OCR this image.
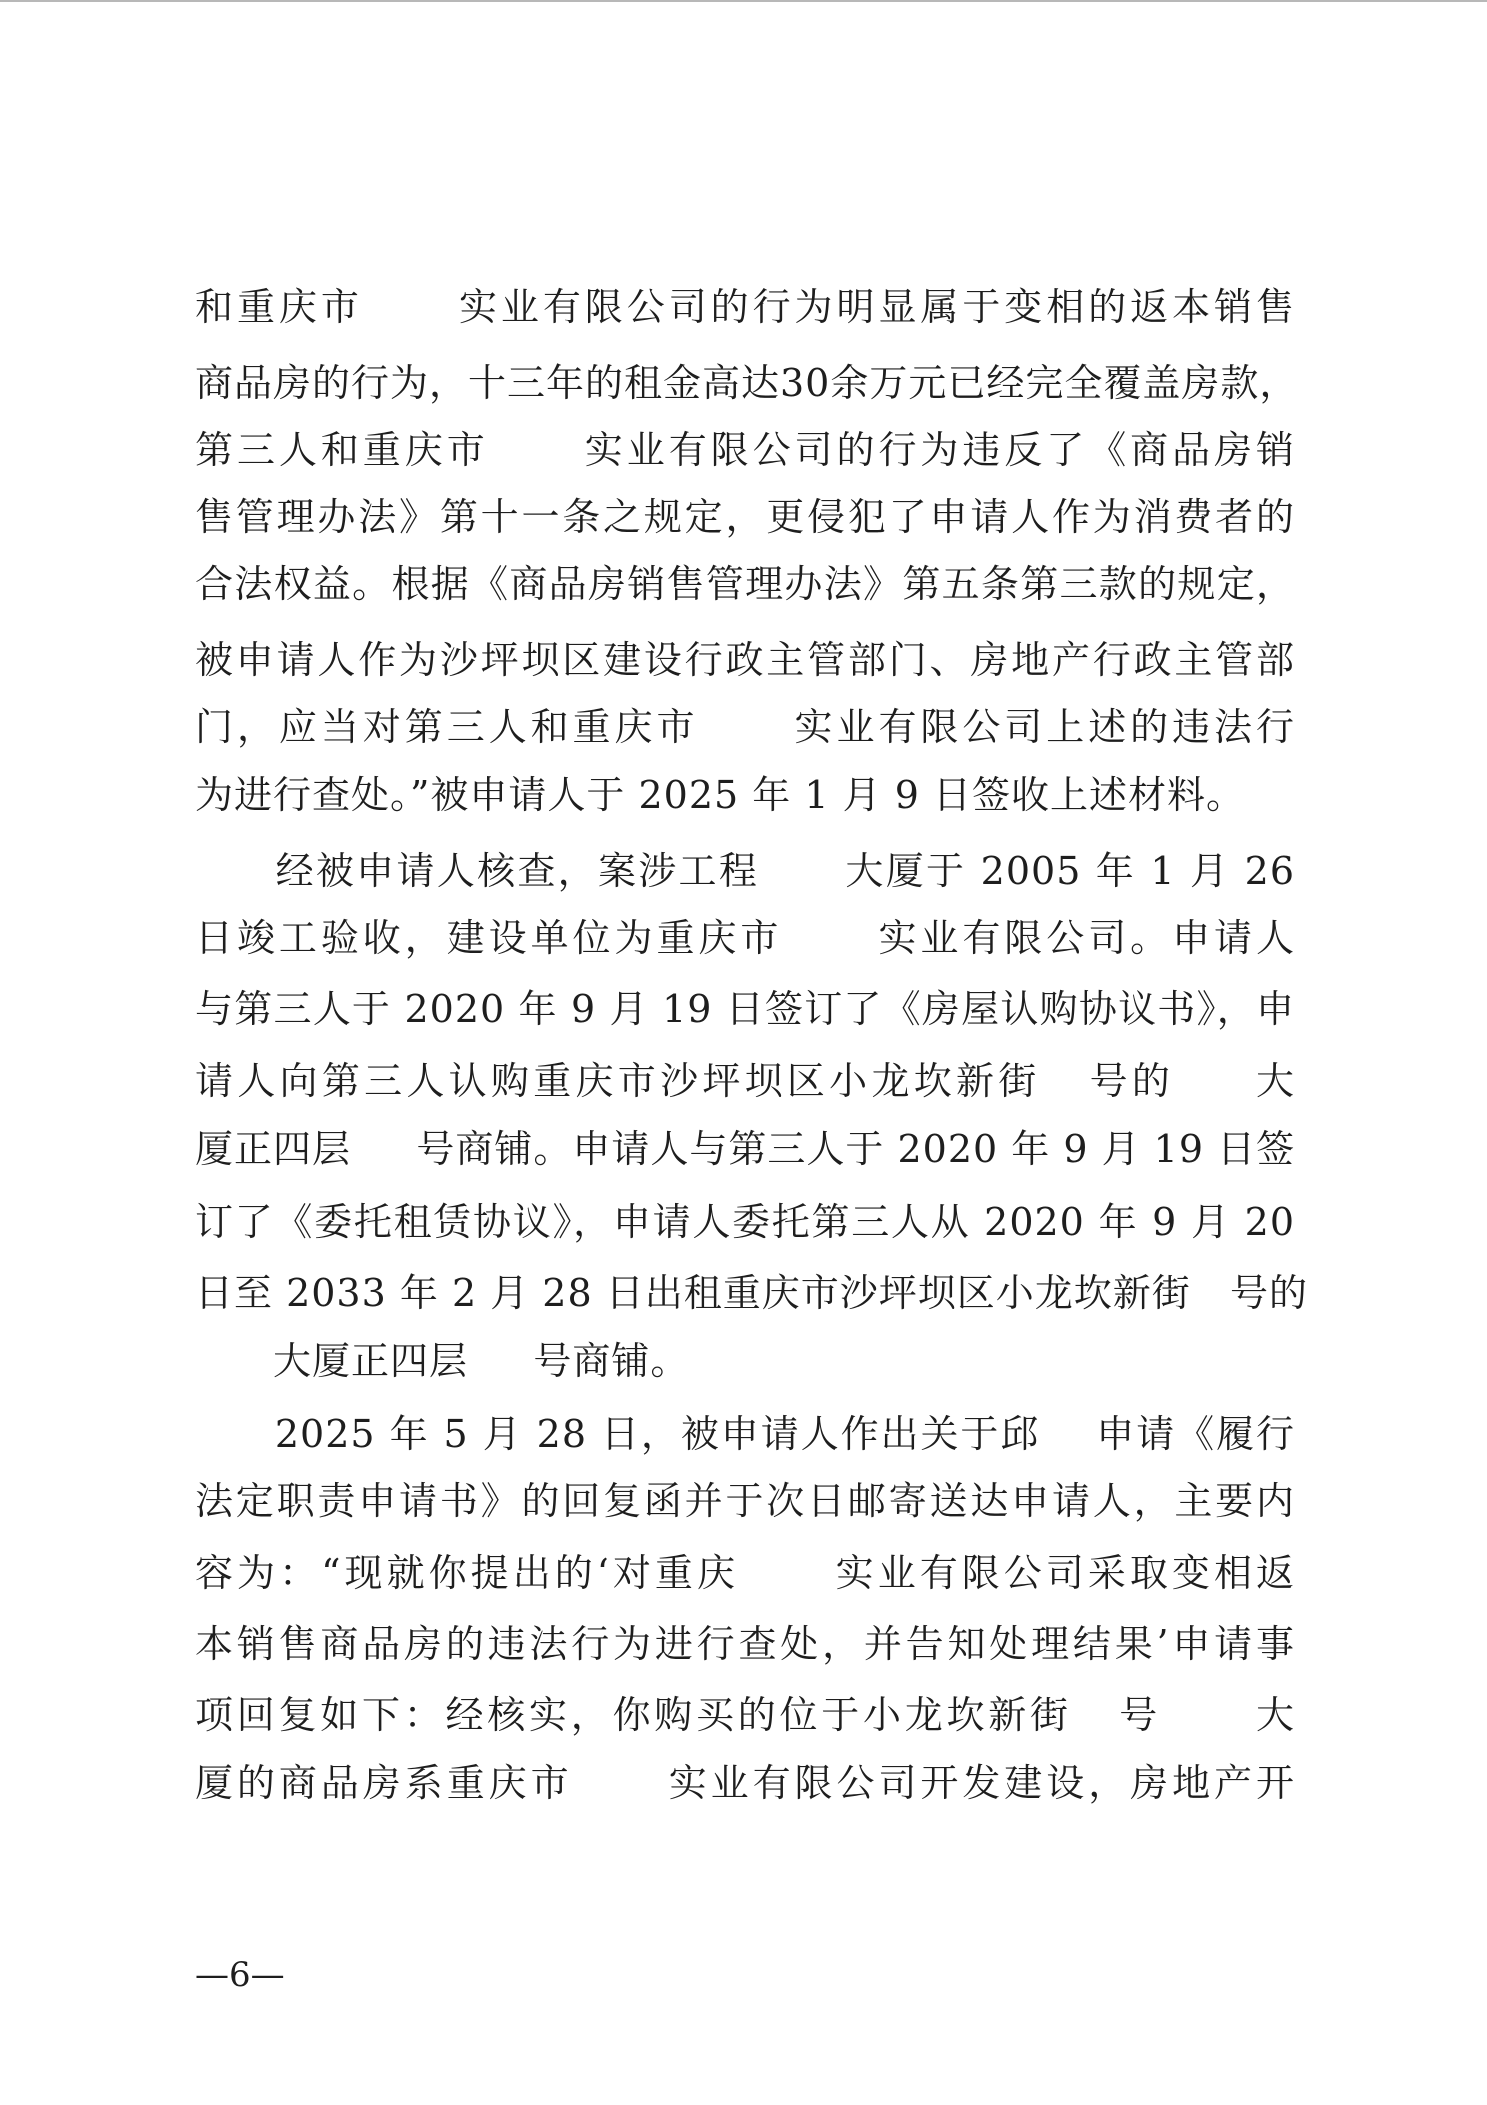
和重庆市      实业有限公司的行为明显属于变相的返本销售
商品房的行为，十三年的租金高达30余万元已经完全覆盖房款，
第三人和重庆市      实业有限公司的行为违反了《商品房销
售管理办法》第十一条之规定，更侵犯了申请人作为消费者的
合法权益。根据《商品房销售管理办法》第五条第三款的规定，
被申请人作为沙坪坝区建设行政主管部门、房地产行政主管部
门，应当对第三人和重庆市      实业有限公司上述的违法行
为进行查处。”被申请人于 2025 年 1 月 9 日签收上述材料。
　　经被申请人核查，案涉工程      大厦于 2005 年 1 月 26
日竣工验收，建设单位为重庆市      实业有限公司。申请人
与第三人于 2020 年 9 月 19 日签订了《房屋认购协议书》，申
请人向第三人认购重庆市沙坪坝区小龙坎新街   号的     大
厦正四层     号商铺。申请人与第三人于 2020 年 9 月 19 日签
订了《委托租赁协议》，申请人委托第三人从 2020 年 9 月 20
日至 2033 年 2 月 28 日出租重庆市沙坪坝区小龙坎新街   号的
　　大厦正四层     号商铺。
　　2025 年 5 月 28 日，被申请人作出关于邱    申请《履行
法定职责申请书》的回复函并于次日邮寄送达申请人，主要内
容为：“现就你提出的‘对重庆      实业有限公司采取变相返
本销售商品房的违法行为进行查处，并告知处理结果’申请事
项回复如下：经核实，你购买的位于小龙坎新街   号      大
厦的商品房系重庆市      实业有限公司开发建设，房地产开
—6—
